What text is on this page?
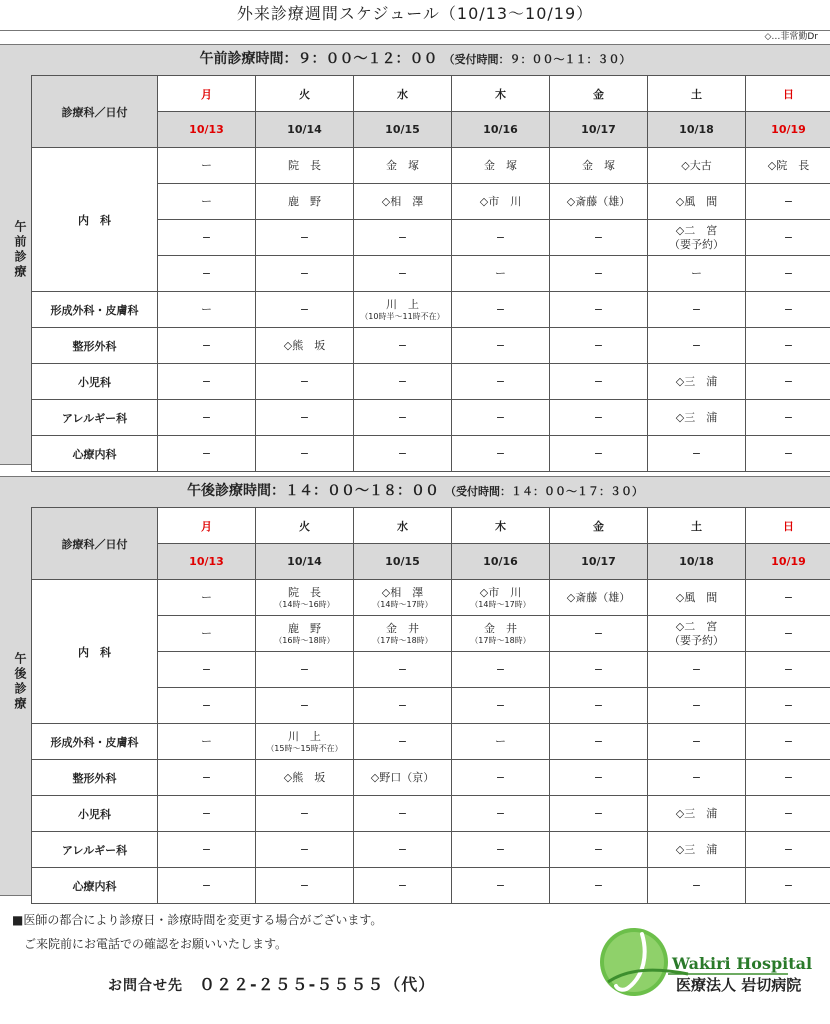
外来診療週間スケジュール（10/13〜10/19）
◇…非常勤Dr
午前診療時間：９：００〜１２：００ （受付時間：９：００〜１１：３０）
午前診療
診療科／日付	月	火	水	木	金	土	日
	10/13	10/14	10/15	10/16	10/17	10/18	10/19
内　科	ー	院　長	金　塚	金　塚	金　塚	◇大古	◇院　長

	ー	鹿　野	◇相　澤	◇市　川	◇斎藤（雄）	◇風　間	−

	−	−	−	−	−	◇二　宮
（要予約）	−

	−	−	−	ー	−	ー	−

形成外科・皮膚科	ー	−	川　上
（10時半〜11時不在）	−	−	−	−

整形外科	−	◇熊　坂	−	−	−	−	−

小児科	−	−	−	−	−	◇三　浦	−

アレルギー科	−	−	−	−	−	◇三　浦	−

心療内科	−	−	−	−	−	−	−
午後診療時間：１４：００〜１８：００ （受付時間：１４：００〜１７：３０）
午後診療
診療科／日付	月	火	水	木	金	土	日
	10/13	10/14	10/15	10/16	10/17	10/18	10/19
内　科	ー	院　長
（14時〜16時）	◇相　澤
（14時〜17時）	◇市　川
（14時〜17時）	◇斎藤（雄）	◇風　間	−

	ー	鹿　野
（16時〜18時）	金　井
（17時〜18時）	金　井
（17時〜18時）	−	◇二　宮
（要予約）	−

	−	−	−	−	−	−	−

	−	−	−	−	−	−	−

形成外科・皮膚科	ー	川　上
（15時〜15時不在）	−	ー	−	−	−

整形外科	−	◇熊　坂	◇野口（京）	−	−	−	−

小児科	−	−	−	−	−	◇三　浦	−

アレルギー科	−	−	−	−	−	◇三　浦	−

心療内科	−	−	−	−	−	−	−
■医師の都合により診療日・診療時間を変更する場合がございます。
ご来院前にお電話での確認をお願いいたします。
お問合せ先 ０２２-２５５-５５５５（代）
Wakiri Hospital
医療法人 岩切病院
